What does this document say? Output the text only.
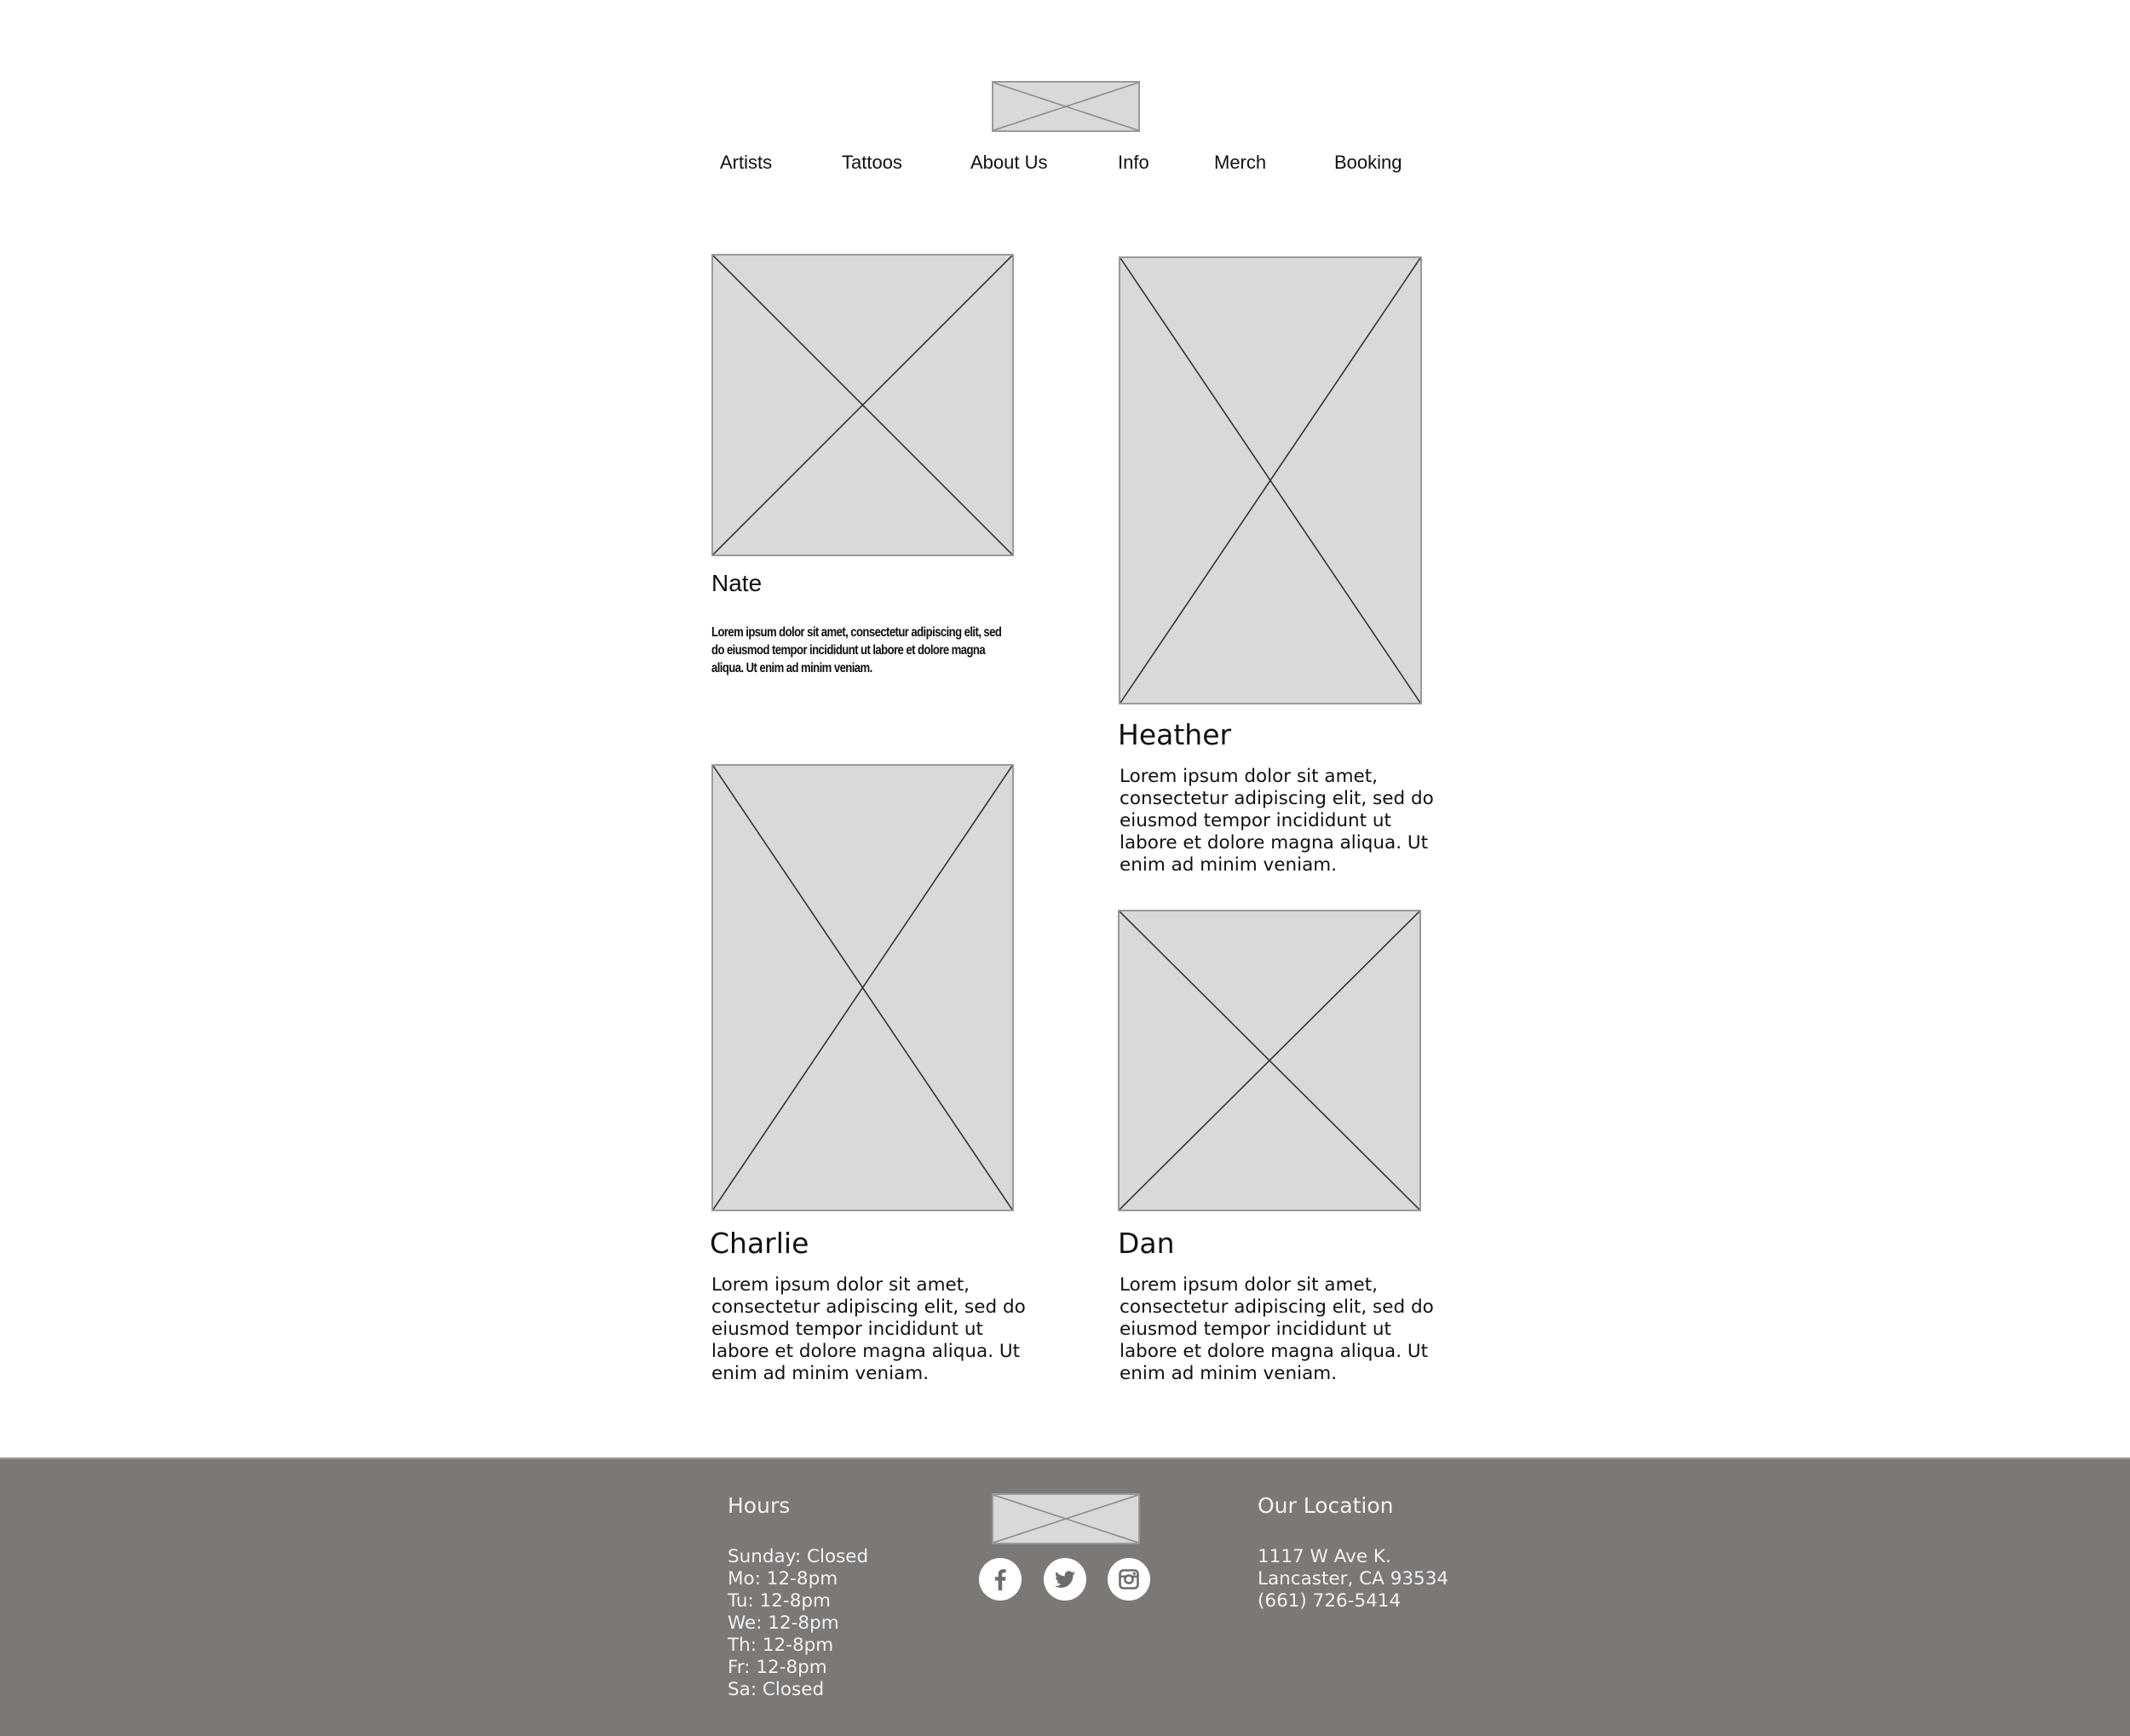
Artists	Tattoos	About Us	Info	Merch	Booking
Nate
Lorem ipsum dolor sit amet, consectetur adipiscing elit, sed do eiusmod tempor incididunt ut labore et dolore magna aliqua. Ut enim ad minim veniam.
Heather
Lorem ipsum dolor sit amet, consectetur adipiscing elit, sed do eiusmod tempor incididunt ut labore et dolore magna aliqua. Ut enim ad minim veniam.
Charlie
Lorem ipsum dolor sit amet, consectetur adipiscing elit, sed do eiusmod tempor incididunt ut labore et dolore magna aliqua. Ut enim ad minim veniam.
Dan
Lorem ipsum dolor sit amet, consectetur adipiscing elit, sed do eiusmod tempor incididunt ut labore et dolore magna aliqua. Ut enim ad minim veniam.
Hours
Sunday: Closed
Mo: 12-8pm
Tu: 12-8pm
We: 12-8pm
Th: 12-8pm
Fr: 12-8pm
Sa: Closed
Our Location
1117 W Ave K.
Lancaster, CA 93534
(661) 726-5414
